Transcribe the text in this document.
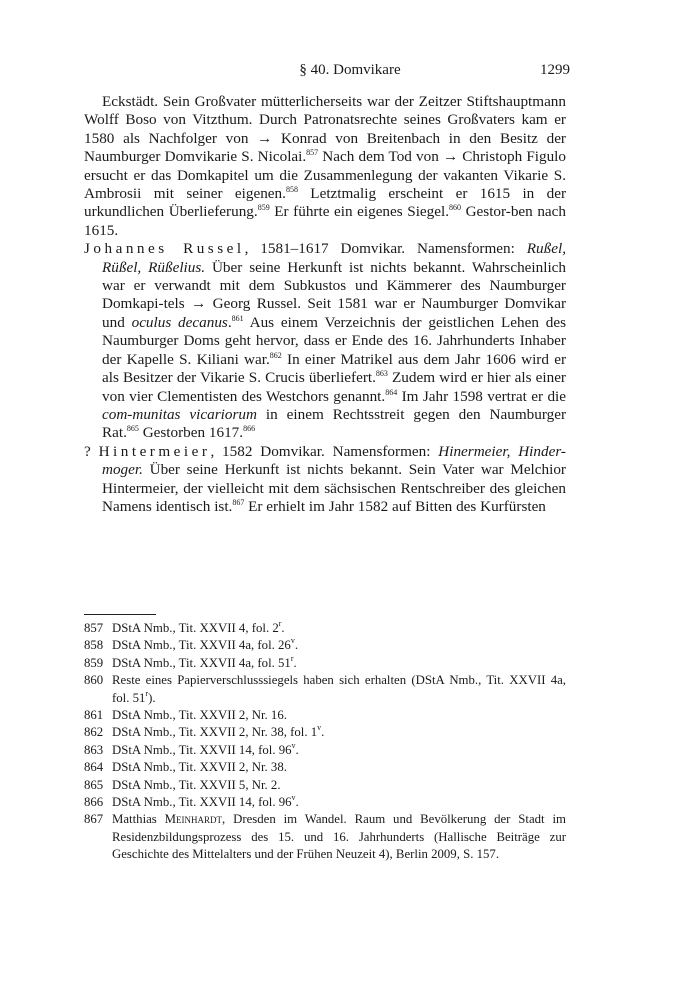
§ 40. Domvikare	1299

Eckstädt. Sein Großvater mütterlicherseits war der Zeitzer Stiftshauptmann Wolff Boso von Vitzthum. Durch Patronatsrechte seines Großvaters kam er 1580 als Nachfolger von → Konrad von Breitenbach in den Besitz der Naumburger Domvikarie S. Nicolai.$^{857}$ Nach dem Tod von → Christoph Figulo ersucht er das Domkapitel um die Zusammenlegung der vakanten Vikarie S. Ambrosii mit seiner eigenen.$^{858}$ Letztmalig erscheint er 1615 in der urkundlichen Überlieferung.$^{859}$ Er führte ein eigenes Siegel.$^{860}$ Gestor-ben nach 1615.

Johannes Russel, 1581–1617 Domvikar. Namensformen: Rußel, Rüßel, Rüßelius. Über seine Herkunft ist nichts bekannt. Wahrscheinlich war er verwandt mit dem Subkustos und Kämmerer des Naumburger Domkapi-tels → Georg Russel. Seit 1581 war er Naumburger Domvikar und oculus decanus.$^{861}$ Aus einem Verzeichnis der geistlichen Lehen des Naumburger Doms geht hervor, dass er Ende des 16. Jahrhunderts Inhaber der Kapelle S. Kiliani war.$^{862}$ In einer Matrikel aus dem Jahr 1606 wird er als Besitzer der Vikarie S. Crucis überliefert.$^{863}$ Zudem wird er hier als einer von vier Clementisten des Westchors genannt.$^{864}$ Im Jahr 1598 vertrat er die com-munitas vicariorum in einem Rechtsstreit gegen den Naumburger Rat.$^{865}$ Gestorben 1617.$^{866}$

? Hintermeier, 1582 Domvikar. Namensformen: Hinermeier, Hinder-moger. Über seine Herkunft ist nichts bekannt. Sein Vater war Melchior Hintermeier, der vielleicht mit dem sächsischen Rentschreiber des gleichen Namens identisch ist.$^{867}$ Er erhielt im Jahr 1582 auf Bitten des Kurfürsten

857 DStA Nmb., Tit. XXVII 4, fol. 2$^r$.
858 DStA Nmb., Tit. XXVII 4a, fol. 26$^v$.
859 DStA Nmb., Tit. XXVII 4a, fol. 51$^r$.
860 Reste eines Papierverschlusssiegels haben sich erhalten (DStA Nmb., Tit. XXVII 4a, fol. 51$^r$).
861 DStA Nmb., Tit. XXVII 2, Nr. 16.
862 DStA Nmb., Tit. XXVII 2, Nr. 38, fol. 1$^v$.
863 DStA Nmb., Tit. XXVII 14, fol. 96$^v$.
864 DStA Nmb., Tit. XXVII 2, Nr. 38.
865 DStA Nmb., Tit. XXVII 5, Nr. 2.
866 DStA Nmb., Tit. XXVII 14, fol. 96$^v$.
867 Matthias Meinhardt, Dresden im Wandel. Raum und Bevölkerung der Stadt im Residenzbildungsprozess des 15. und 16. Jahrhunderts (Hallische Beiträge zur Geschichte des Mittelalters und der Frühen Neuzeit 4), Berlin 2009, S. 157.
